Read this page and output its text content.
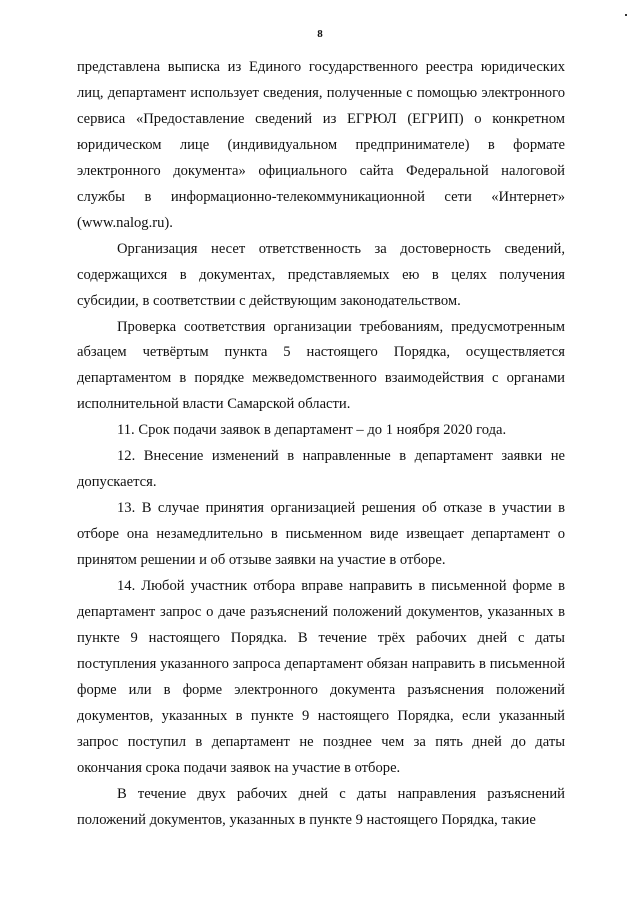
8

представлена выписка из Единого государственного реестра юридических лиц, департамент использует сведения, полученные с помощью электронного сервиса «Предоставление сведений из ЕГРЮЛ (ЕГРИП) о конкретном юридическом лице (индивидуальном предпринимателе) в формате электронного документа» официального сайта Федеральной налоговой службы в информационно-телекоммуникационной сети «Интернет» (www.nalog.ru).

Организация несет ответственность за достоверность сведений, содержащихся в документах, представляемых ею в целях получения субсидии, в соответствии с действующим законодательством.

Проверка соответствия организации требованиям, предусмотренным абзацем четвёртым пункта 5 настоящего Порядка, осуществляется департаментом в порядке межведомственного взаимодействия с органами исполнительной власти Самарской области.

11. Срок подачи заявок в департамент – до 1 ноября 2020 года.

12. Внесение изменений в направленные в департамент заявки не допускается.

13. В случае принятия организацией решения об отказе в участии в отборе она незамедлительно в письменном виде извещает департамент о принятом решении и об отзыве заявки на участие в отборе.

14. Любой участник отбора вправе направить в письменной форме в департамент запрос о даче разъяснений положений документов, указанных в пункте 9 настоящего Порядка. В течение трёх рабочих дней с даты поступления указанного запроса департамент обязан направить в письменной форме или в форме электронного документа разъяснения положений документов, указанных в пункте 9 настоящего Порядка, если указанный запрос поступил в департамент не позднее чем за пять дней до даты окончания срока подачи заявок на участие в отборе.

В течение двух рабочих дней с даты направления разъяснений положений документов, указанных в пункте 9 настоящего Порядка, такие
